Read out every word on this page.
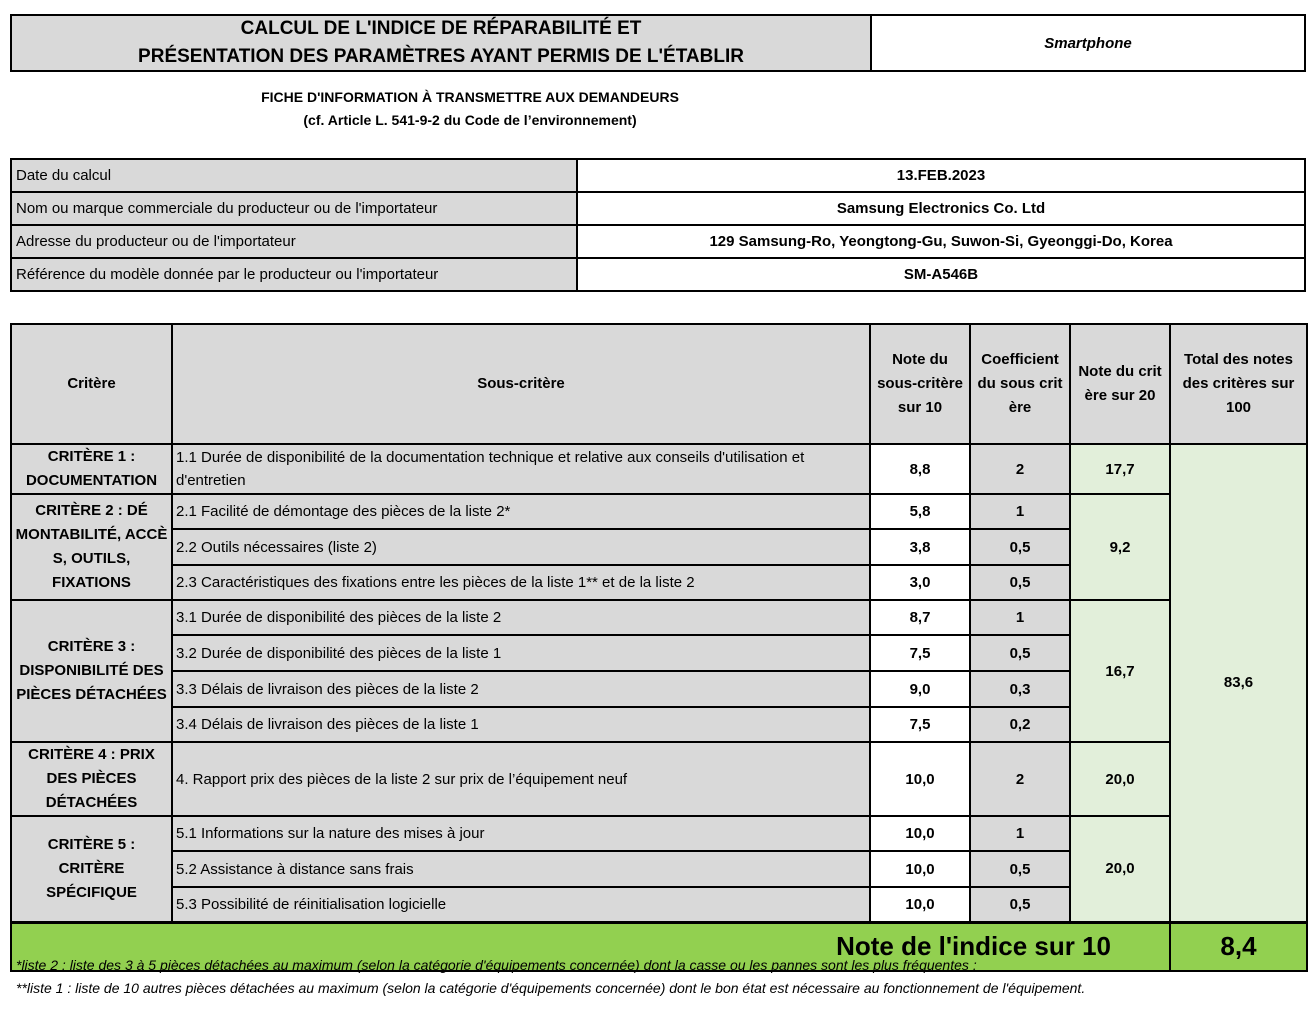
CALCUL DE L'INDICE DE RÉPARABILITÉ ET
PRÉSENTATION DES PARAMÈTRES AYANT PERMIS DE L'ÉTABLIR
Smartphone
FICHE D'INFORMATION À TRANSMETTRE AUX DEMANDEURS
(cf. Article L. 541-9-2 du Code de l’environnement)
Date du calcul	13.FEB.2023
Nom ou marque commerciale du producteur ou de l'importateur	Samsung Electronics Co. Ltd
Adresse du producteur ou de l'importateur	129 Samsung-Ro, Yeongtong-Gu, Suwon-Si, Gyeonggi-Do, Korea
Référence du modèle donnée par le producteur ou l'importateur	SM-A546B
Critère	Sous-critère	Note du sous-critère sur 10	Coefficient du sous crit ère	Note du crit ère sur 20	Total des notes des critères sur 100
CRITÈRE 1 : DOCUMENTATION	1.1 Durée de disponibilité de la documentation technique et relative aux conseils d'utilisation et d'entretien	8,8	2	17,7	83,6
CRITÈRE 2 : DÉ MONTABILITÉ, ACCÈ S, OUTILS, FIXATIONS	2.1 Facilité de démontage des pièces de la liste 2*	5,8	1	9,2	
	2.2 Outils nécessaires (liste 2)	3,8	0,5		
	2.3 Caractéristiques des fixations entre les pièces de la liste 1** et de la liste 2	3,0	0,5		
CRITÈRE 3 : DISPONIBILITÉ DES PIÈCES DÉTACHÉES	3.1 Durée de disponibilité des pièces de la liste 2	8,7	1	16,7	
	3.2 Durée de disponibilité des pièces de la liste 1	7,5	0,5		
	3.3 Délais de livraison des pièces de la liste 2	9,0	0,3		
	3.4 Délais de livraison des pièces de la liste 1	7,5	0,2		
CRITÈRE 4 : PRIX DES PIÈCES DÉTACHÉES	4. Rapport prix des pièces de la liste 2 sur prix de l’équipement neuf	10,0	2	20,0	
CRITÈRE 5 : CRITÈRE SPÉCIFIQUE	5.1 Informations sur la nature des mises à jour	10,0	1	20,0	
	5.2 Assistance à distance sans frais	10,0	0,5		
	5.3 Possibilité de réinitialisation logicielle	10,0	0,5		
Note de l'indice sur 10					8,4
*liste 2 : liste des 3 à 5 pièces détachées au maximum (selon la catégorie d'équipements concernée) dont la casse ou les pannes sont les plus fréquentes ;
**liste 1 : liste de 10 autres pièces détachées au maximum (selon la catégorie d'équipements concernée) dont le bon état est nécessaire au fonctionnement de l'équipement.
